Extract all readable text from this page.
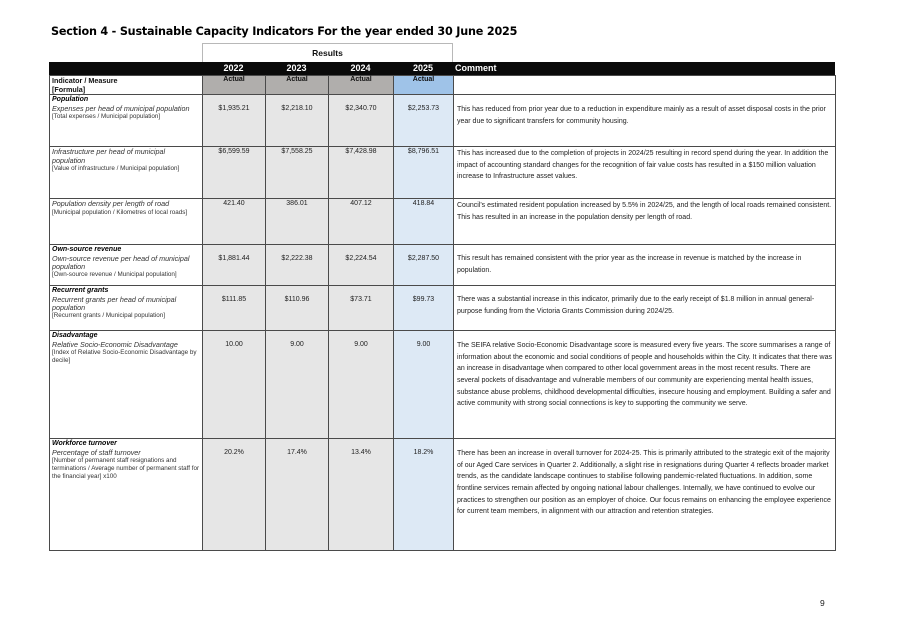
Section 4 - Sustainable Capacity Indicators For the year ended 30 June 2025
Results
2022	2023	2024	2025	Comment
Indicator / Measure
[Formula]	Actual	Actual	Actual	Actual	

Population
Expenses per head of municipal population
[Total expenses / Municipal population]	$1,935.21	$2,218.10	$2,340.70	$2,253.73	This has reduced from prior year due to a reduction in expenditure mainly as a result of asset disposal costs in the prior year due to significant transfers for community housing.

Infrastructure per head of municipal population
[Value of infrastructure / Municipal population]	$6,599.59	$7,558.25	$7,428.98	$8,796.51	This has increased due to the completion of projects in 2024/25 resulting in record spend during the year. In addition the impact of accounting standard changes for the recognition of fair value costs has resulted in a $150 million valuation increase to Infrastructure asset values.

Population density per length of road
[Municipal population / Kilometres of local roads]	421.40	386.01	407.12	418.84	Council's estimated resident population increased by 5.5% in 2024/25, and the length of local roads remained consistent. This has resulted in an increase in the population density per length of road.

Own-source revenue
Own-source revenue per head of municipal population
[Own-source revenue / Municipal population]	$1,881.44	$2,222.38	$2,224.54	$2,287.50	This result has remained consistent with the prior year as the increase in revenue is matched by the increase in population.

Recurrent grants
Recurrent grants per head of municipal population
[Recurrent grants / Municipal population]	$111.85	$110.96	$73.71	$99.73	There was a substantial increase in this indicator, primarily due to the early receipt of $1.8 million in annual general-purpose funding from the Victoria Grants Commission during 2024/25.

Disadvantage
Relative Socio-Economic Disadvantage
[Index of Relative Socio-Economic Disadvantage by decile]
	10.00	9.00	9.00	9.00	The SEIFA relative Socio-Economic Disadvantage score is measured every five years. The score summarises a range of information about the economic and social conditions of people and households within the City. It indicates that there was an increase in disadvantage when compared to other local government areas in the most recent results. There are several pockets of disadvantage and vulnerable members of our community are experiencing mental health issues, substance abuse problems, childhood developmental difficulties, insecure housing and employment. Building a safer and active community with strong social connections is key to supporting the community we serve.

Workforce turnover
Percentage of staff turnover
[Number of permanent staff resignations and terminations / Average number of permanent staff for the financial year] x100
	20.2%	17.4%	13.4%	18.2%	There has been an increase in overall turnover for 2024-25. This is primarily attributed to the strategic exit of the majority of our Aged Care services in Quarter 2. Additionally, a slight rise in resignations during Quarter 4 reflects broader market trends, as the candidate landscape continues to stabilise following pandemic-related fluctuations. In addition, some frontline services remain affected by ongoing national labour challenges. Internally, we have continued to evolve our practices to strengthen our position as an employer of choice. Our focus remains on enhancing the employee experience for current team members, in alignment with our attraction and retention strategies.
9
